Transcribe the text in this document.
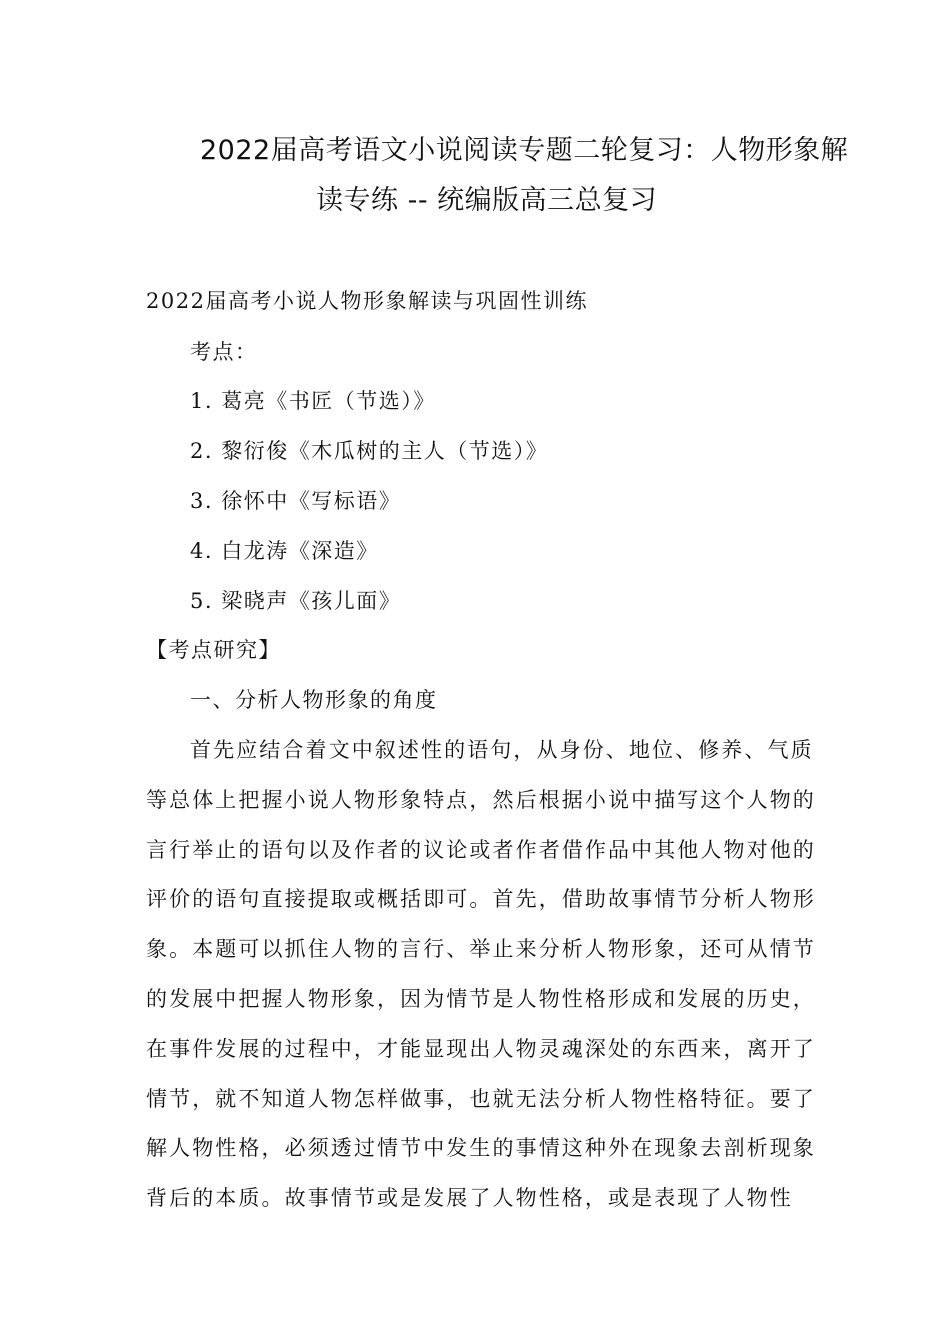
2022届高考语文小说阅读专题二轮复习：人物形象解
读专练 -- 统编版高三总复习
2022届高考小说人物形象解读与巩固性训练
考点：
1. 葛亮《书匠（节选）》
2. 黎衍俊《木瓜树的主人（节选）》
3. 徐怀中《写标语》
4. 白龙涛《深造》
5. 梁晓声《孩儿面》
【考点研究】
一、分析人物形象的角度
首先应结合着文中叙述性的语句，从身份、地位、修养、气质
等总体上把握小说人物形象特点，然后根据小说中描写这个人物的
言行举止的语句以及作者的议论或者作者借作品中其他人物对他的
评价的语句直接提取或概括即可。首先，借助故事情节分析人物形
象。本题可以抓住人物的言行、举止来分析人物形象，还可从情节
的发展中把握人物形象，因为情节是人物性格形成和发展的历史，
在事件发展的过程中，才能显现出人物灵魂深处的东西来，离开了
情节，就不知道人物怎样做事，也就无法分析人物性格特征。要了
解人物性格，必须透过情节中发生的事情这种外在现象去剖析现象
背后的本质。故事情节或是发展了人物性格，或是表现了人物性
